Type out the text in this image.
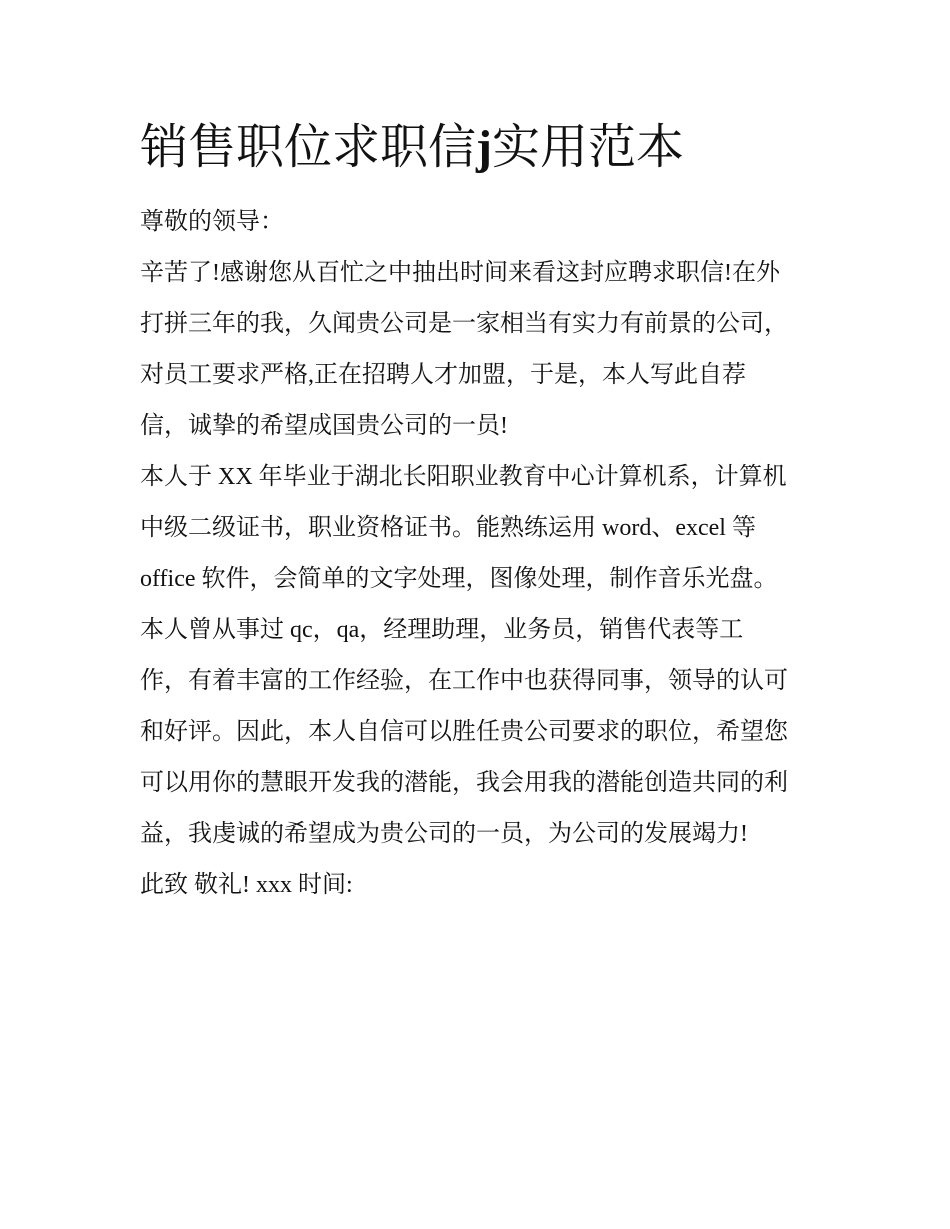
销售职位求职信j实用范本

尊敬的领导：

辛苦了!感谢您从百忙之中抽出时间来看这封应聘求职信!在外

打拼三年的我，久闻贵公司是一家相当有实力有前景的公司，

对员工要求严格,正在招聘人才加盟，于是，本人写此自荐

信，诚挚的希望成国贵公司的一员!

本人于 XX 年毕业于湖北长阳职业教育中心计算机系，计算机

中级二级证书，职业资格证书。能熟练运用 word、excel 等

office 软件，会简单的文字处理，图像处理，制作音乐光盘。

本人曾从事过 qc，qa，经理助理，业务员，销售代表等工

作，有着丰富的工作经验，在工作中也获得同事，领导的认可

和好评。因此，本人自信可以胜任贵公司要求的职位，希望您

可以用你的慧眼开发我的潜能，我会用我的潜能创造共同的利

益，我虔诚的希望成为贵公司的一员，为公司的发展竭力!

此致 敬礼! xxx 时间:
